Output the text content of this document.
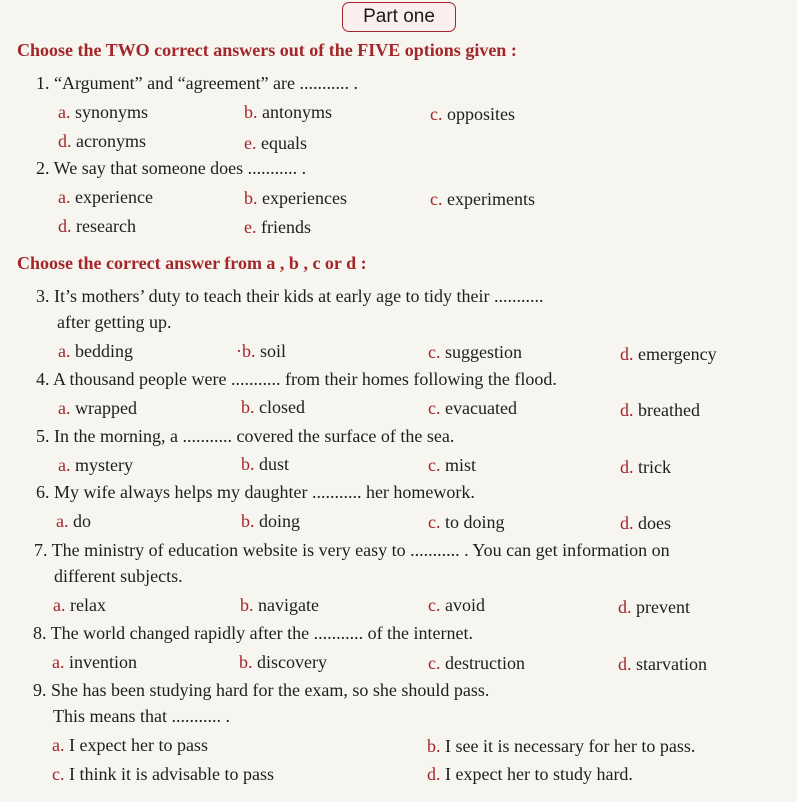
Part one
Choose the TWO correct answers out of the FIVE options given :
1. “Argument” and “agreement” are ........... .
a. synonyms	b. antonyms	c. opposites
d. acronyms	e. equals
2. We say that someone does ........... .
a. experience	b. experiences	c. experiments
d. research	e. friends
Choose the correct answer from a , b , c or d :
3. It’s mothers’ duty to teach their kids at early age to tidy their ...........
after getting up.
a. bedding	·b. soil	c. suggestion	d. emergency
4. A thousand people were ........... from their homes following the flood.
a. wrapped	b. closed	c. evacuated	d. breathed
5. In the morning, a ........... covered the surface of the sea.
a. mystery	b. dust	c. mist	d. trick
6. My wife always helps my daughter ........... her homework.
a. do	b. doing	c. to doing	d. does
7. The ministry of education website is very easy to ........... . You can get information on
different subjects.
a. relax	b. navigate	c. avoid	d. prevent
8. The world changed rapidly after the ........... of the internet.
a. invention	b. discovery	c. destruction	d. starvation
9. She has been studying hard for the exam, so she should pass.
This means that ........... .
a. I expect her to pass	b. I see it is necessary for her to pass.
c. I think it is advisable to pass	d. I expect her to study hard.
